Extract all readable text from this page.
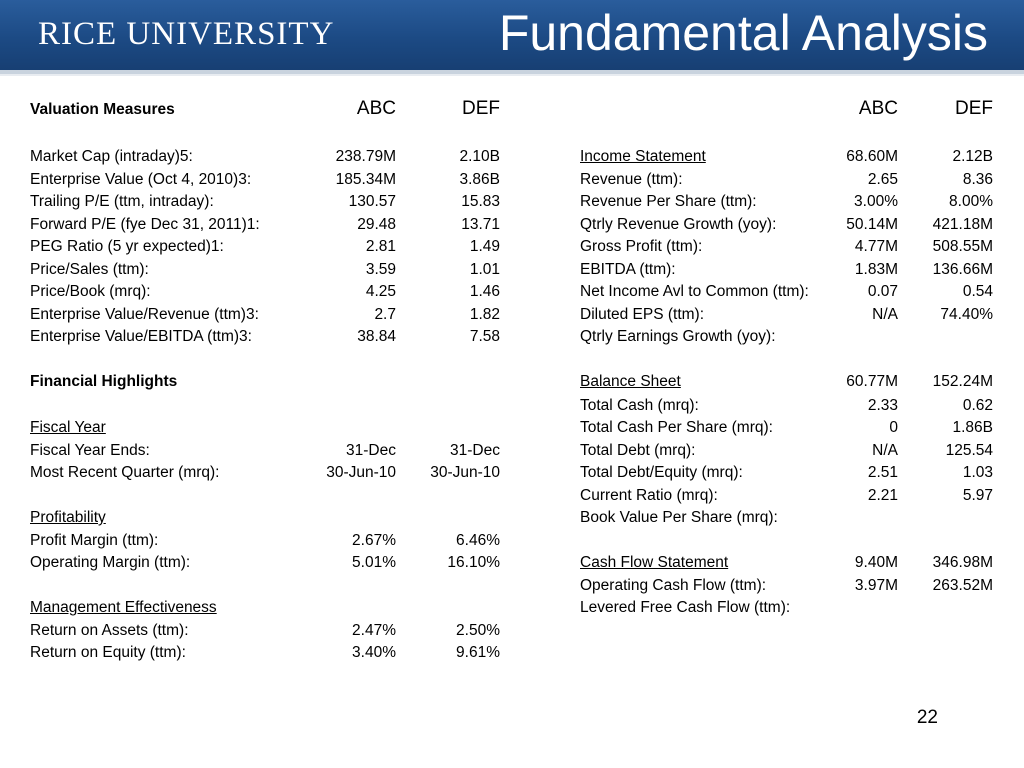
RICE UNIVERSITY	Fundamental Analysis
Valuation Measures	ABC	DEF
Market Cap (intraday)5:	238.79M	2.10B
Enterprise Value (Oct 4, 2010)3:	185.34M	3.86B
Trailing P/E (ttm, intraday):	130.57	15.83
Forward P/E (fye Dec 31, 2011)1:	29.48	13.71
PEG Ratio (5 yr expected)1:	2.81	1.49
Price/Sales (ttm):	3.59	1.01
Price/Book (mrq):	4.25	1.46
Enterprise Value/Revenue (ttm)3:	2.7	1.82
Enterprise Value/EBITDA (ttm)3:	38.84	7.58
Financial Highlights
Fiscal Year
Fiscal Year Ends:	31-Dec	31-Dec
Most Recent Quarter (mrq):	30-Jun-10	30-Jun-10
Profitability
Profit Margin (ttm):	2.67%	6.46%
Operating Margin (ttm):	5.01%	16.10%
Management Effectiveness
Return on Assets (ttm):	2.47%	2.50%
Return on Equity (ttm):	3.40%	9.61%
ABC	DEF
Income Statement	68.60M	2.12B
Revenue (ttm):	2.65	8.36
Revenue Per Share (ttm):	3.00%	8.00%
Qtrly Revenue Growth (yoy):	50.14M	421.18M
Gross Profit (ttm):	4.77M	508.55M
EBITDA (ttm):	1.83M	136.66M
Net Income Avl to Common (ttm):	0.07	0.54
Diluted EPS (ttm):	N/A	74.40%
Qtrly Earnings Growth (yoy):
Balance Sheet	60.77M	152.24M
Total Cash (mrq):	2.33	0.62
Total Cash Per Share (mrq):	0	1.86B
Total Debt (mrq):	N/A	125.54
Total Debt/Equity (mrq):	2.51	1.03
Current Ratio (mrq):	2.21	5.97
Book Value Per Share (mrq):
Cash Flow Statement	9.40M	346.98M
Operating Cash Flow (ttm):	3.97M	263.52M
Levered Free Cash Flow (ttm):
22
